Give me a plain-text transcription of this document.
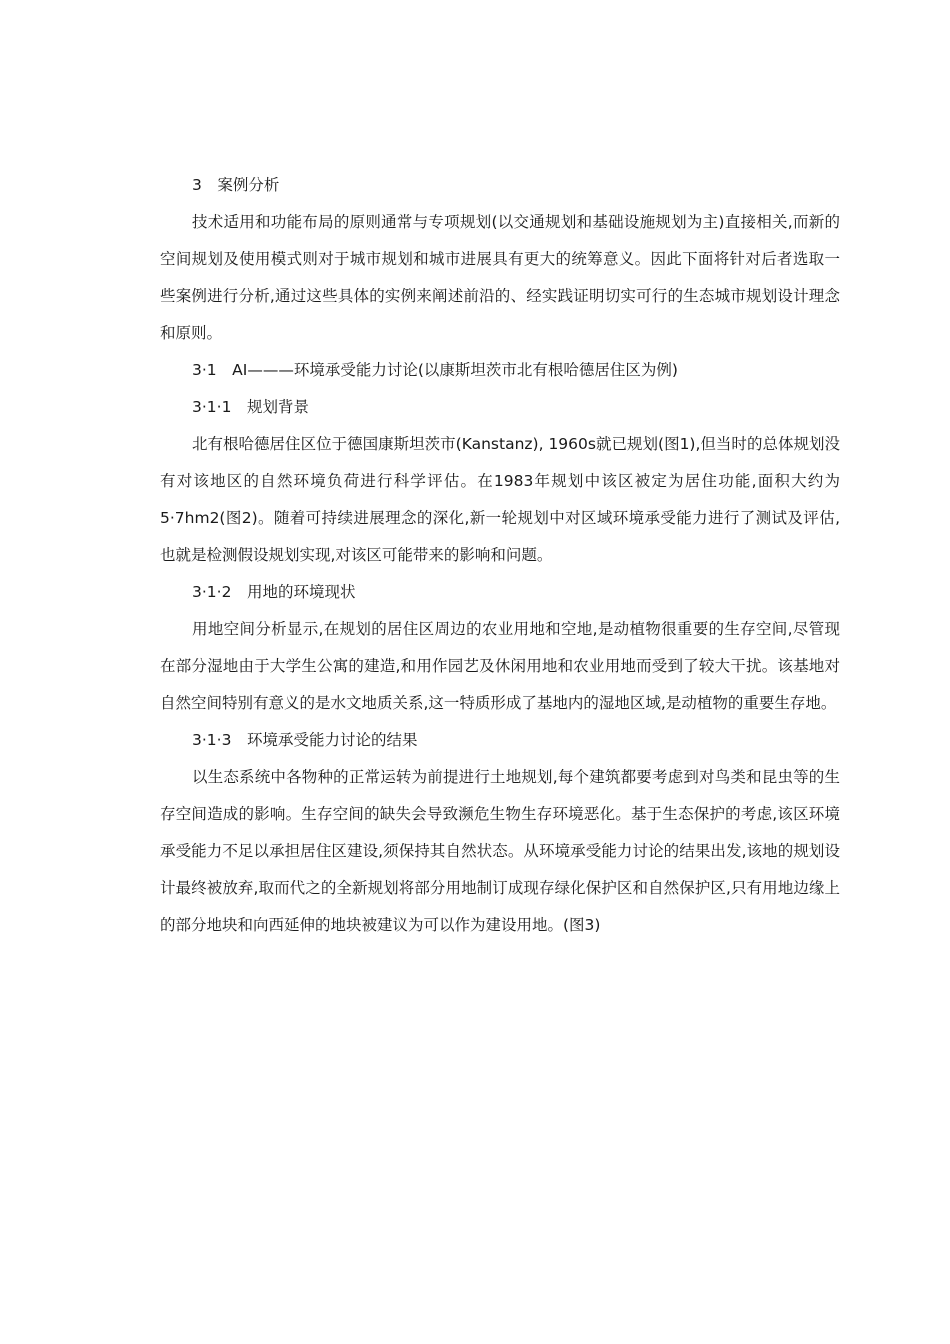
3　案例分析

技术适用和功能布局的原则通常与专项规划(以交通规划和基础设施规划为主)直接相关,而新的空间规划及使用模式则对于城市规划和城市进展具有更大的统筹意义。因此下面将针对后者选取一些案例进行分析,通过这些具体的实例来阐述前沿的、经实践证明切实可行的生态城市规划设计理念和原则。

3·1　AI———环境承受能力讨论(以康斯坦茨市北有根哈德居住区为例)

3·1·1　规划背景

北有根哈德居住区位于德国康斯坦茨市(Kanstanz), 1960s就已规划(图1),但当时的总体规划没有对该地区的自然环境负荷进行科学评估。在1983年规划中该区被定为居住功能,面积大约为5·7hm2(图2)。随着可持续进展理念的深化,新一轮规划中对区域环境承受能力进行了测试及评估,也就是检测假设规划实现,对该区可能带来的影响和问题。

3·1·2　用地的环境现状

用地空间分析显示,在规划的居住区周边的农业用地和空地,是动植物很重要的生存空间,尽管现在部分湿地由于大学生公寓的建造,和用作园艺及休闲用地和农业用地而受到了较大干扰。该基地对自然空间特别有意义的是水文地质关系,这一特质形成了基地内的湿地区域,是动植物的重要生存地。

3·1·3　环境承受能力讨论的结果

以生态系统中各物种的正常运转为前提进行土地规划,每个建筑都要考虑到对鸟类和昆虫等的生存空间造成的影响。生存空间的缺失会导致濒危生物生存环境恶化。基于生态保护的考虑,该区环境承受能力不足以承担居住区建设,须保持其自然状态。从环境承受能力讨论的结果出发,该地的规划设计最终被放弃,取而代之的全新规划将部分用地制订成现存绿化保护区和自然保护区,只有用地边缘上的部分地块和向西延伸的地块被建议为可以作为建设用地。(图3)
